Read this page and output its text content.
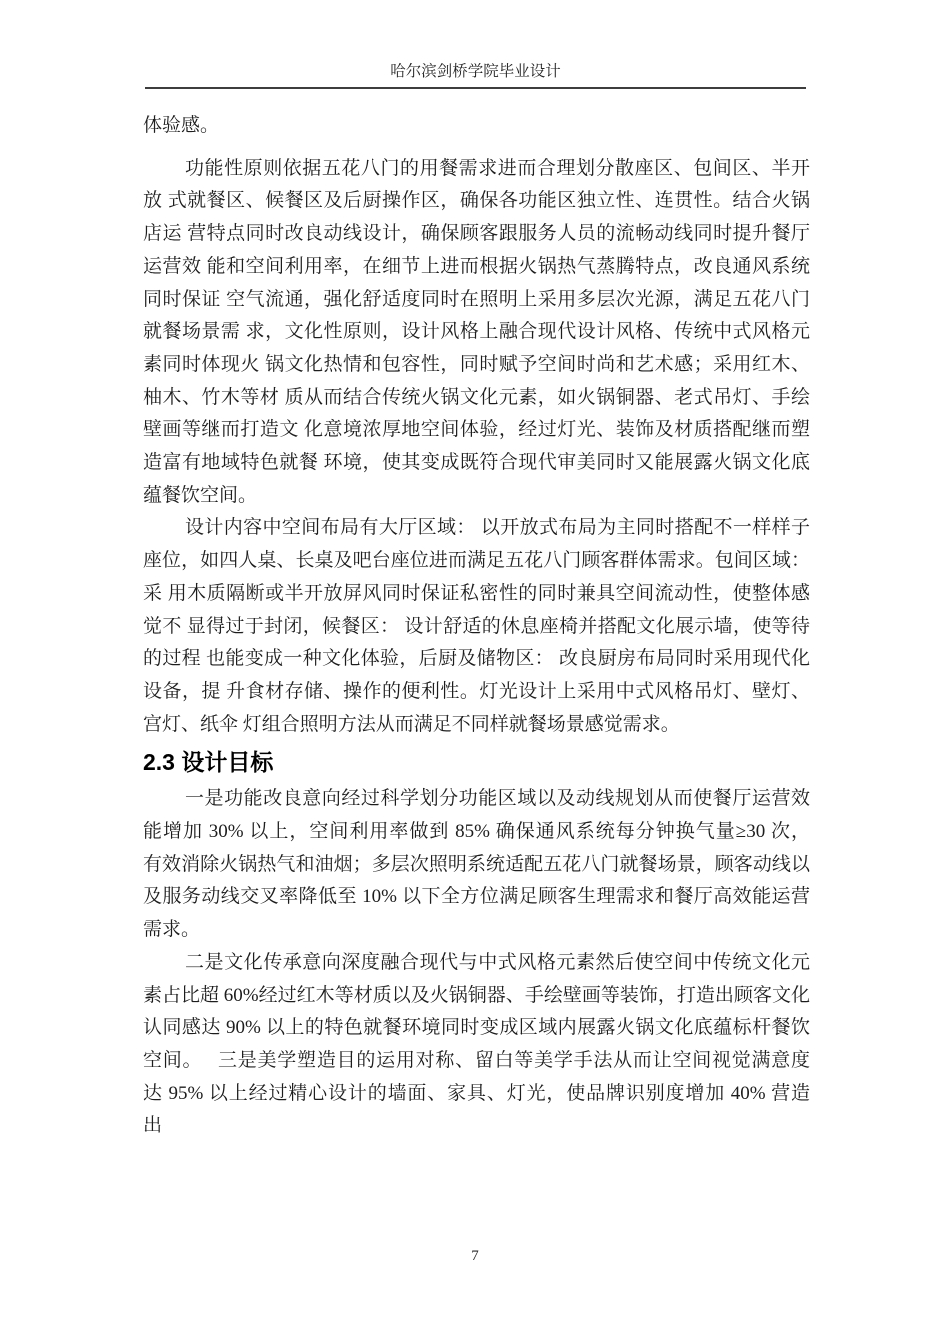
哈尔滨剑桥学院毕业设计
体验感。
功能性原则依据五花八门的用餐需求进而合理划分散座区、包间区、半开
放 式就餐区、候餐区及后厨操作区，确保各功能区独立性、连贯性。结合火锅
店运 营特点同时改良动线设计，确保顾客跟服务人员的流畅动线同时提升餐厅
运营效 能和空间利用率，在细节上进而根据火锅热气蒸腾特点，改良通风系统
同时保证 空气流通，强化舒适度同时在照明上采用多层次光源，满足五花八门
就餐场景需 求，文化性原则，设计风格上融合现代设计风格、传统中式风格元
素同时体现火 锅文化热情和包容性，同时赋予空间时尚和艺术感；采用红木、
柚木、竹木等材 质从而结合传统火锅文化元素，如火锅铜器、老式吊灯、手绘
壁画等继而打造文 化意境浓厚地空间体验，经过灯光、装饰及材质搭配继而塑
造富有地域特色就餐 环境，使其变成既符合现代审美同时又能展露火锅文化底
蕴餐饮空间。
设计内容中空间布局有大厅区域： 以开放式布局为主同时搭配不一样样子
座位，如四人桌、长桌及吧台座位进而满足五花八门顾客群体需求。包间区域：
采 用木质隔断或半开放屏风同时保证私密性的同时兼具空间流动性，使整体感
觉不 显得过于封闭，候餐区： 设计舒适的休息座椅并搭配文化展示墙，使等待
的过程 也能变成一种文化体验，后厨及储物区： 改良厨房布局同时采用现代化
设备，提 升食材存储、操作的便利性。灯光设计上采用中式风格吊灯、壁灯、
宫灯、纸伞 灯组合照明方法从而满足不同样就餐场景感觉需求。
2.3 设计目标
一是功能改良意向经过科学划分功能区域以及动线规划从而使餐厅运营效
能增加 30% 以上，空间利用率做到 85% 确保通风系统每分钟换气量≥30 次，
有效消除火锅热气和油烟；多层次照明系统适配五花八门就餐场景，顾客动线以
及服务动线交叉率降低至 10% 以下全方位满足顾客生理需求和餐厅高效能运营
需求。
二是文化传承意向深度融合现代与中式风格元素然后使空间中传统文化元
素占比超 60%经过红木等材质以及火锅铜器、手绘壁画等装饰，打造出顾客文化
认同感达 90% 以上的特色就餐环境同时变成区域内展露火锅文化底蕴标杆餐饮
空间。　 三是美学塑造目的运用对称、留白等美学手法从而让空间视觉满意度
达 95% 以上经过精心设计的墙面、家具、灯光，使品牌识别度增加 40% 营造
出
7
